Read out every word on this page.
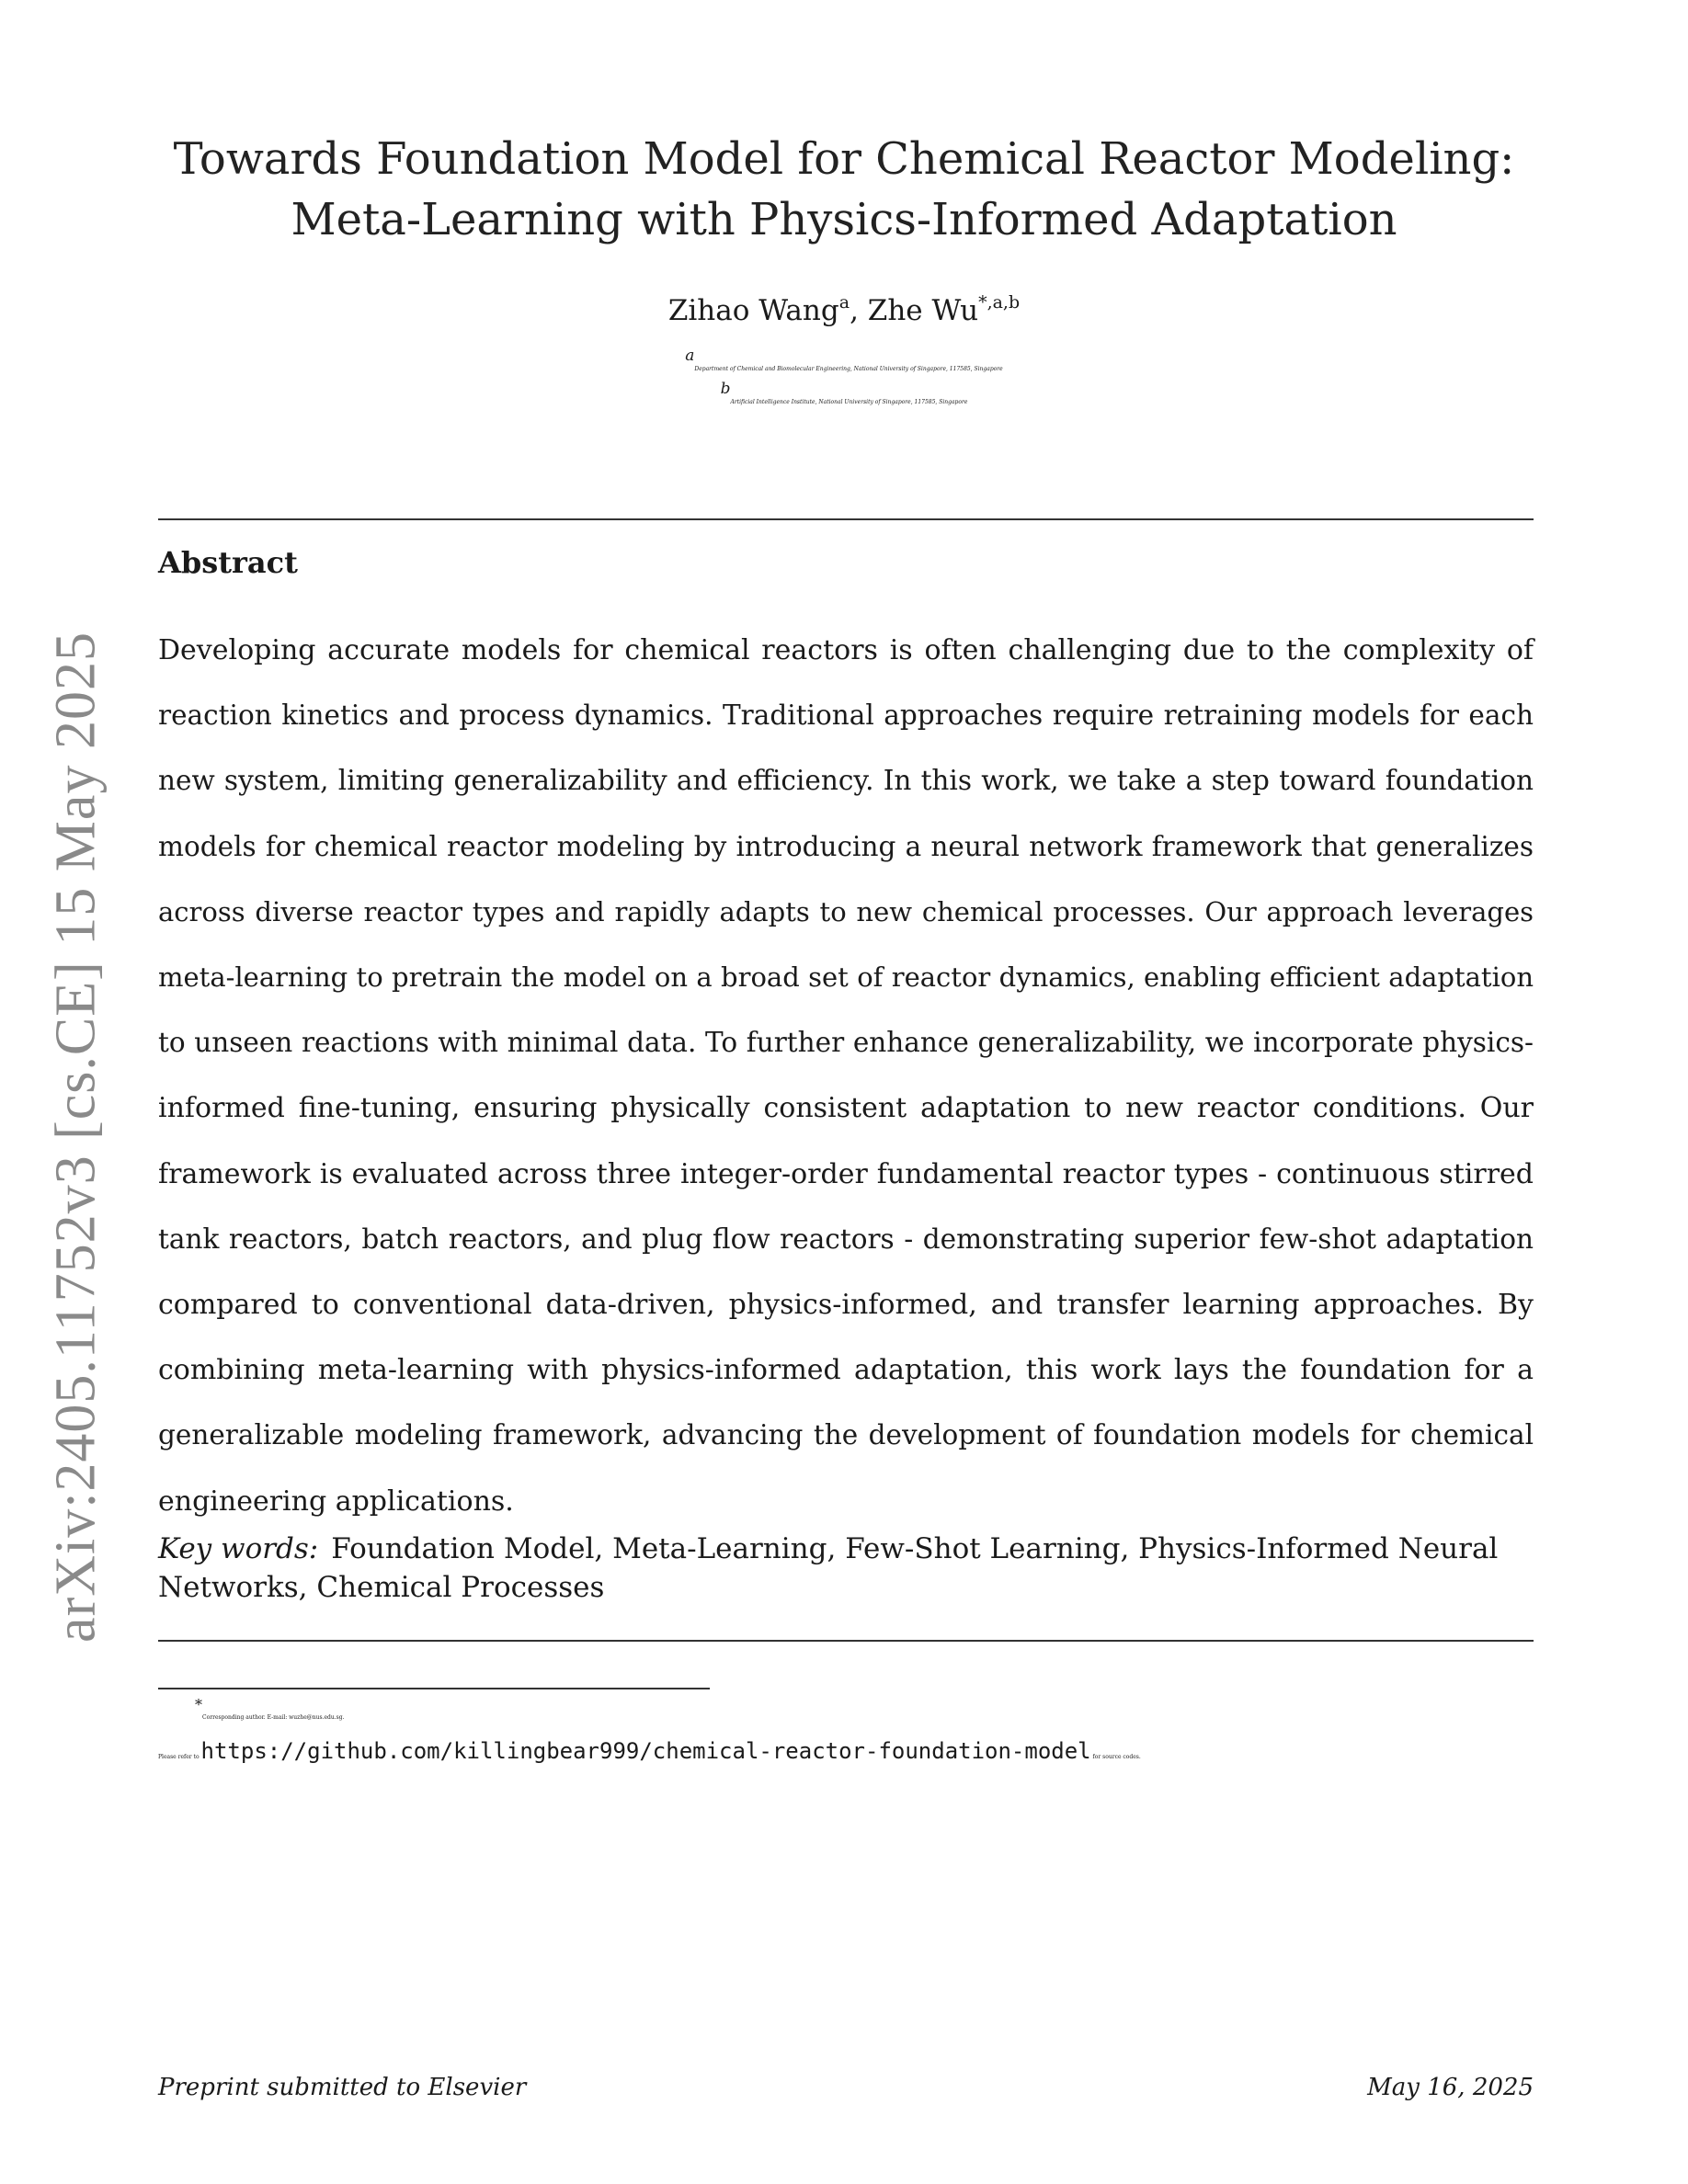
arXiv:2405.11752v3 [cs.CE] 15 May 2025
Towards Foundation Model for Chemical Reactor Modeling:
Meta-Learning with Physics-Informed Adaptation
Zihao Wang$^a$, Zhe $Wu^{*,a,b}$
$^a$Department of Chemical and Biomolecular Engineering, National University of Singapore, 117585, Singapore
$^b$Artificial Intelligence Institute, National University of Singapore, 117585, Singapore
Abstract
Developing accurate models for chemical reactors is often challenging due to the complexity of
reaction kinetics and process dynamics. Traditional approaches require retraining models for each
new system, limiting generalizability and efficiency. In this work, we take a step toward foundation
models for chemical reactor modeling by introducing a neural network framework that generalizes
across diverse reactor types and rapidly adapts to new chemical processes. Our approach leverages
meta-learning to pretrain the model on a broad set of reactor dynamics, enabling efficient adaptation
to unseen reactions with minimal data. To further enhance generalizability, we incorporate physics-
informed fine-tuning, ensuring physically consistent adaptation to new reactor conditions. Our
framework is evaluated across three integer-order fundamental reactor types - continuous stirred
tank reactors, batch reactors, and plug flow reactors - demonstrating superior few-shot adaptation
compared to conventional data-driven, physics-informed, and transfer learning approaches. By
combining meta-learning with physics-informed adaptation, this work lays the foundation for a
generalizable modeling framework, advancing the development of foundation models for chemical
engineering applications.
Key words: Foundation Model, Meta-Learning, Few-Shot Learning, Physics-Informed Neural Networks, Chemical Processes
*Corresponding author. E-mail: wuzhe@nus.edu.sg.
Please refer to https://github.com/killingbear999/chemical-reactor-foundation-model for source codes.
Preprint submitted to Elsevier	May 16, 2025
